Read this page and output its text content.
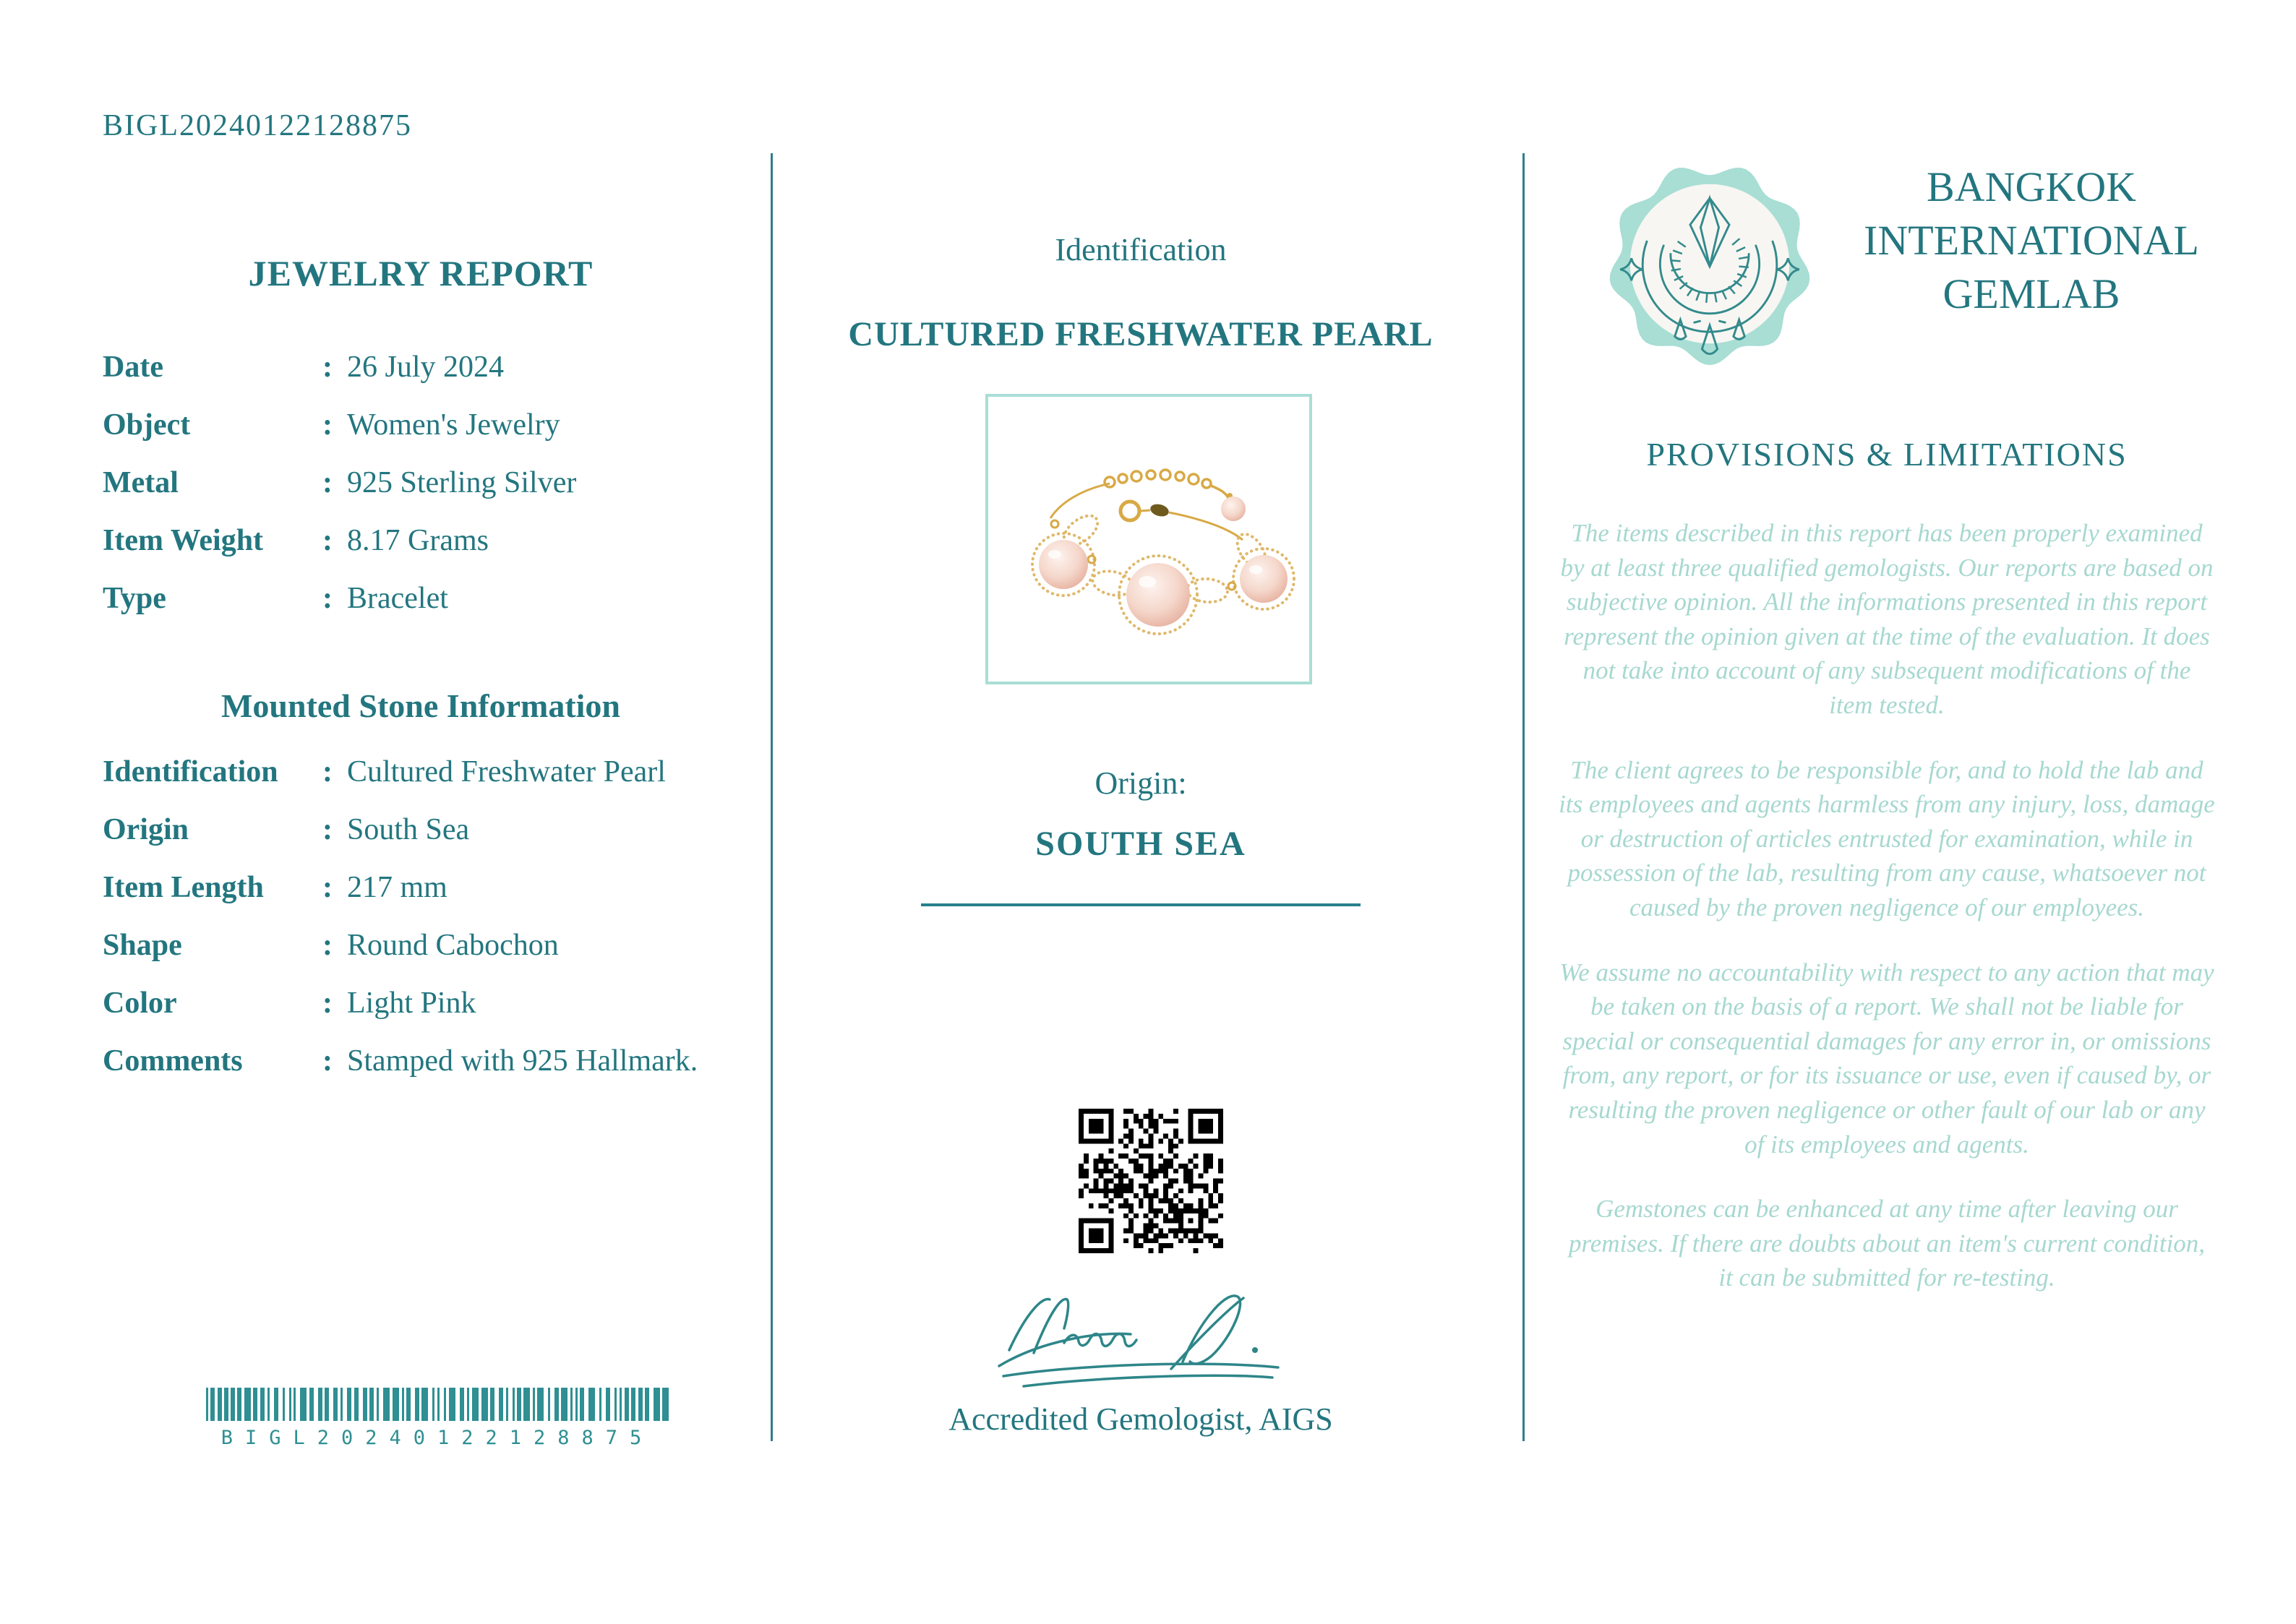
BIGL20240122128875
JEWELRY REPORT
Date	: 26 July 2024
Object	: Women's Jewelry
Metal	: 925 Sterling Silver
Item Weight	: 8.17 Grams
Type	: Bracelet
Mounted Stone Information
Identification	: Cultured Freshwater Pearl
Origin	: South Sea
Item Length	: 217 mm
Shape	: Round Cabochon
Color	: Light Pink
Comments	: Stamped with 925 Hallmark.
BIGL20240122128875
Identification
CULTURED FRESHWATER PEARL
Origin:
SOUTH SEA
Accredited Gemologist, AIGS
BANGKOK
INTERNATIONAL
GEMLAB
PROVISIONS & LIMITATIONS

The items described in this report has been properly examined by at least three qualified gemologists. Our reports are based on subjective opinion. All the informations presented in this report represent the opinion given at the time of the evaluation. It does not take into account of any subsequent modifications of the item tested.

The client agrees to be responsible for, and to hold the lab and its employees and agents harmless from any injury, loss, damage or destruction of articles entrusted for examination, while in possession of the lab, resulting from any cause, whatsoever not caused by the proven negligence of our employees.

We assume no accountability with respect to any action that may be taken on the basis of a report. We shall not be liable for special or consequential damages for any error in, or omissions from, any report, or for its issuance or use, even if caused by, or resulting the proven negligence or other fault of our lab or any of its employees and agents.

Gemstones can be enhanced at any time after leaving our premises. If there are doubts about an item's current condition, it can be submitted for re-testing.
